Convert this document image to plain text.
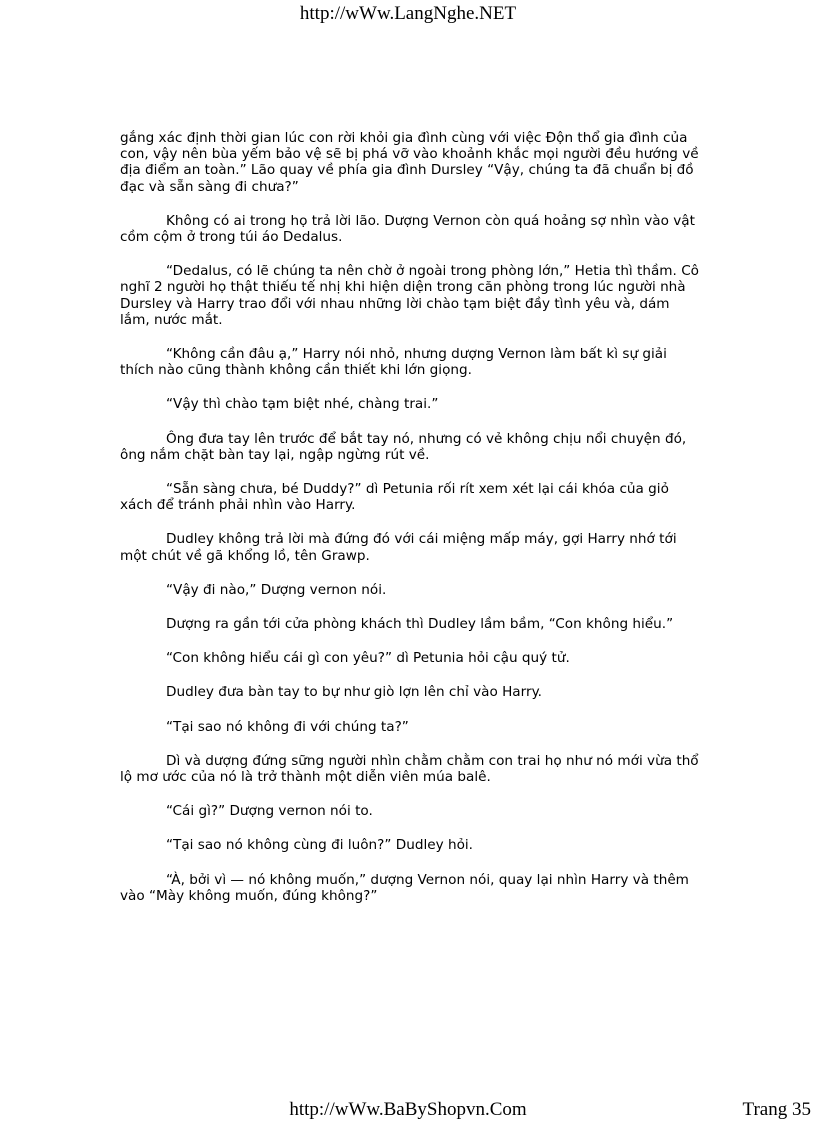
http://wWw.LangNghe.NET

gắng xác định thời gian lúc con rời khỏi gia đình cùng với việc Độn thổ gia đình của con, vậy nên bùa yếm bảo vệ sẽ bị phá vỡ vào khoảnh khắc mọi người đều hướng về địa điểm an toàn.” Lão quay về phía gia đình Dursley “Vậy, chúng ta đã chuẩn bị đồ đạc và sẵn sàng đi chưa?”

Không có ai trong họ trả lời lão. Dượng Vernon còn quá hoảng sợ nhìn vào vật cồm cộm ở trong túi áo Dedalus.

“Dedalus, có lẽ chúng ta nên chờ ở ngoài trong phòng lớn,” Hetia thì thầm. Cô nghĩ 2 người họ thật thiếu tế nhị khi hiện diện trong căn phòng trong lúc người nhà Dursley và Harry trao đổi với nhau những lời chào tạm biệt đầy tình yêu và, dám lắm, nước mắt.

“Không cần đâu ạ,” Harry nói nhỏ, nhưng dượng Vernon làm bất kì sự giải thích nào cũng thành không cần thiết khi lớn giọng.

“Vậy thì chào tạm biệt nhé, chàng trai.”

Ông đưa tay lên trước để bắt tay nó, nhưng có vẻ không chịu nổi chuyện đó, ông nắm chặt bàn tay lại, ngập ngừng rút về.

“Sẵn sàng chưa, bé Duddy?” dì Petunia rối rít xem xét lại cái khóa của giỏ xách để tránh phải nhìn vào Harry.

Dudley không trả lời mà đứng đó với cái miệng mấp máy, gợi Harry nhớ tới một chút về gã khổng lồ, tên Grawp.

“Vậy đi nào,” Dượng vernon nói.

Dượng ra gần tới cửa phòng khách thì Dudley lầm bầm, “Con không hiểu.”

“Con không hiểu cái gì con yêu?” dì Petunia hỏi cậu quý tử.

Dudley đưa bàn tay to bự như giò lợn lên chỉ vào Harry.

“Tại sao nó không đi với chúng ta?”

Dì và dượng đứng sững người nhìn chằm chằm con trai họ như nó mới vừa thổ lộ mơ ước của nó là trở thành một diễn viên múa balê.

“Cái gì?” Dượng vernon nói to.

“Tại sao nó không cùng đi luôn?” Dudley hỏi.

“À, bởi vì — nó không muốn,” dượng Vernon nói, quay lại nhìn Harry và thêm vào “Mày không muốn, đúng không?”

http://wWw.BaByShopvn.Com	Trang 35
